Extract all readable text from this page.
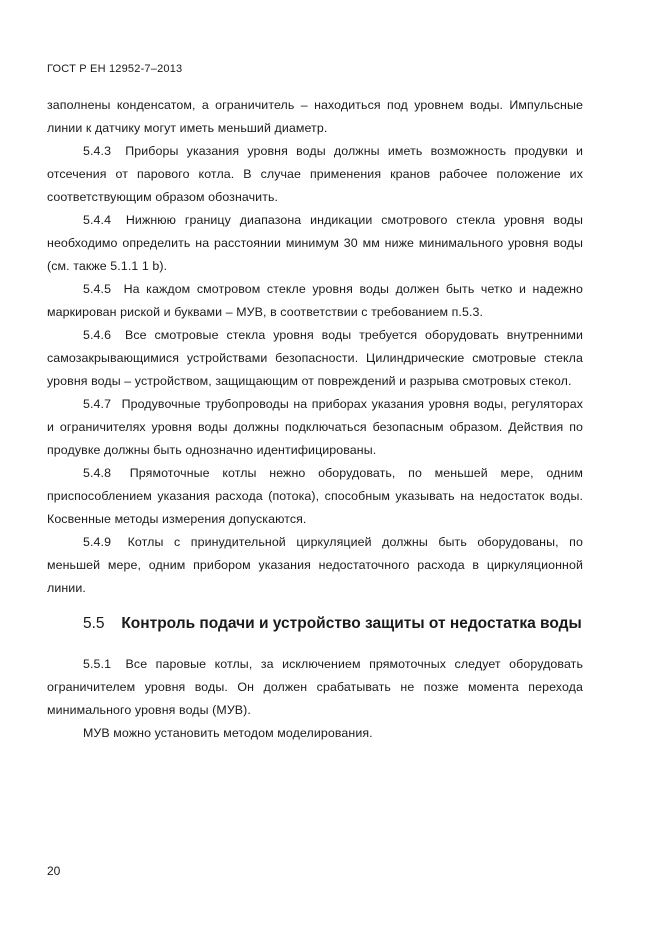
ГОСТ Р ЕН 12952-7–2013

заполнены конденсатом, а ограничитель – находиться под уровнем воды. Импульсные линии к датчику могут иметь меньший диаметр.

5.4.3 Приборы указания уровня воды должны иметь возможность продувки и отсечения от парового котла. В случае применения кранов рабочее положение их соответствующим образом обозначить.

5.4.4 Нижнюю границу диапазона индикации смотрового стекла уровня воды необходимо определить на расстоянии минимум 30 мм ниже минимального уровня воды (см. также 5.1.1 1 b).

5.4.5 На каждом смотровом стекле уровня воды должен быть четко и надежно маркирован риской и буквами – МУВ, в соответствии с требованием п.5.3.

5.4.6 Все смотровые стекла уровня воды требуется оборудовать внутренними самозакрывающимися устройствами безопасности. Цилиндрические смотровые стекла уровня воды – устройством, защищающим от повреждений и разрыва смотровых стекол.

5.4.7 Продувочные трубопроводы на приборах указания уровня воды, регуляторах и ограничителях уровня воды должны подключаться безопасным образом. Действия по продувке должны быть однозначно идентифицированы.

5.4.8 Прямоточные котлы нежно оборудовать, по меньшей мере, одним приспособлением указания расхода (потока), способным указывать на недостаток воды. Косвенные методы измерения допускаются.

5.4.9 Котлы с принудительной циркуляцией должны быть оборудованы, по меньшей мере, одним прибором указания недостаточного расхода в циркуляционной линии.

5.5 Контроль подачи и устройство защиты от недостатка воды

5.5.1 Все паровые котлы, за исключением прямоточных следует оборудовать ограничителем уровня воды. Он должен срабатывать не позже момента перехода минимального уровня воды (МУВ).

МУВ можно установить методом моделирования.

20
